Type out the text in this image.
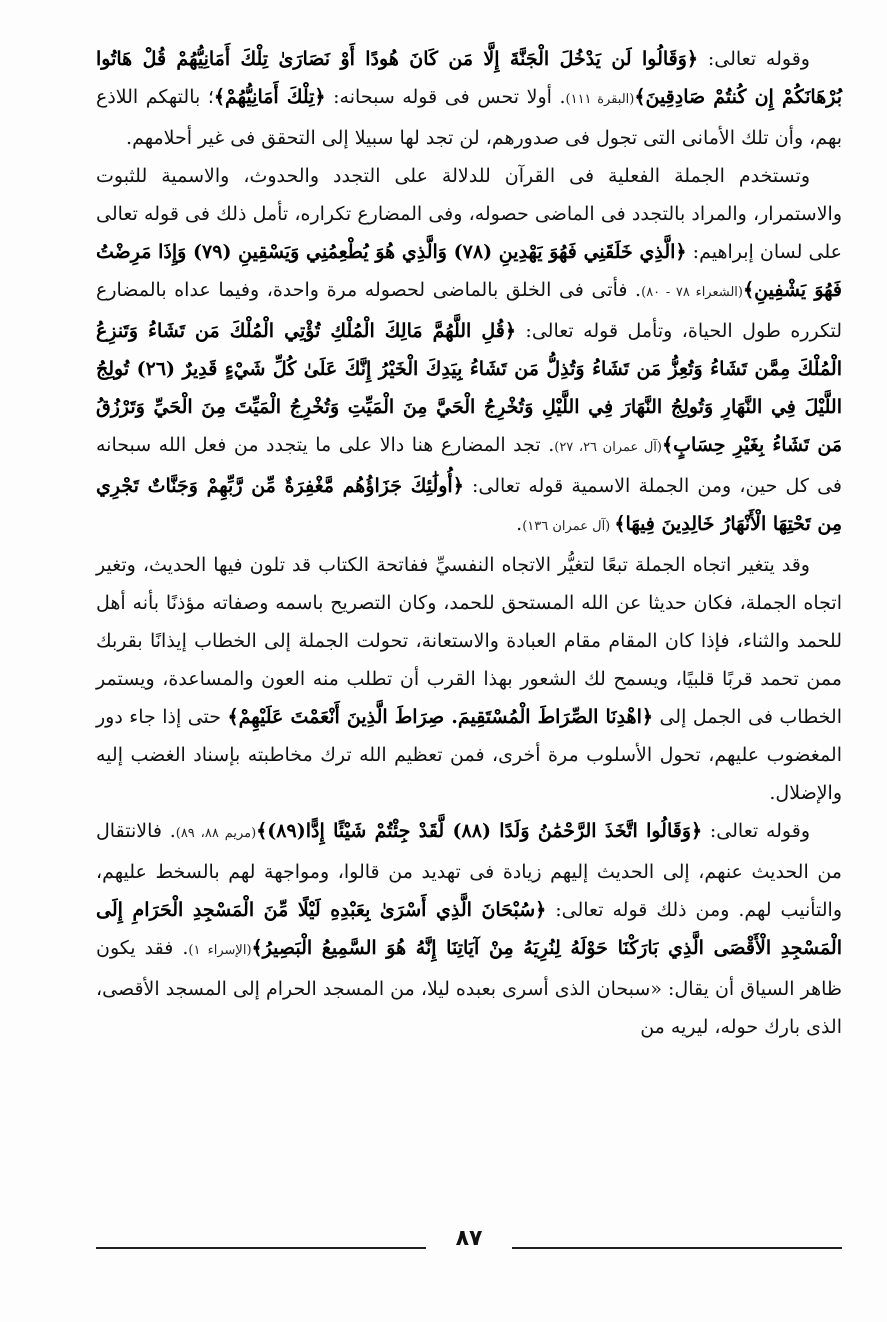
وقوله تعالى: ﴿وَقَالُوا لَن يَدْخُلَ الْجَنَّةَ إِلَّا مَن كَانَ هُودًا أَوْ نَصَارَىٰ تِلْكَ أَمَانِيُّهُمْ قُلْ هَاتُوا بُرْهَانَكُمْ إِن كُنتُمْ صَادِقِينَ﴾(البقرة ١١١). أولا تحس فى قوله سبحانه: ﴿تِلْكَ أَمَانِيُّهُمْ﴾؛ بالتهكم اللاذع بهم، وأن تلك الأمانى التى تجول فى صدورهم، لن تجد لها سبيلا إلى التحقق فى غير أحلامهم.

وتستخدم الجملة الفعلية فى القرآن للدلالة على التجدد والحدوث، والاسمية للثبوت والاستمرار، والمراد بالتجدد فى الماضى حصوله، وفى المضارع تكراره، تأمل ذلك فى قوله تعالى على لسان إبراهيم: ﴿الَّذِي خَلَقَنِي فَهُوَ يَهْدِينِ (٧٨) وَالَّذِي هُوَ يُطْعِمُنِي وَيَسْقِينِ (٧٩) وَإِذَا مَرِضْتُ فَهُوَ يَشْفِينِ﴾(الشعراء ٧٨ - ٨٠). فأتى فى الخلق بالماضى لحصوله مرة واحدة، وفيما عداه بالمضارع لتكرره طول الحياة، وتأمل قوله تعالى: ﴿قُلِ اللَّهُمَّ مَالِكَ الْمُلْكِ تُؤْتِي الْمُلْكَ مَن تَشَاءُ وَتَنزِعُ الْمُلْكَ مِمَّن تَشَاءُ وَتُعِزُّ مَن تَشَاءُ وَتُذِلُّ مَن تَشَاءُ بِيَدِكَ الْخَيْرُ إِنَّكَ عَلَىٰ كُلِّ شَيْءٍ قَدِيرٌ (٢٦) تُولِجُ اللَّيْلَ فِي النَّهَارِ وَتُولِجُ النَّهَارَ فِي اللَّيْلِ وَتُخْرِجُ الْحَيَّ مِنَ الْمَيِّتِ وَتُخْرِجُ الْمَيِّتَ مِنَ الْحَيِّ وَتَرْزُقُ مَن تَشَاءُ بِغَيْرِ حِسَابٍ﴾(آل عمران ٢٦، ٢٧). تجد المضارع هنا دالا على ما يتجدد من فعل الله سبحانه فى كل حين، ومن الجملة الاسمية قوله تعالى: ﴿أُولَٰئِكَ جَزَاؤُهُم مَّغْفِرَةٌ مِّن رَّبِّهِمْ وَجَنَّاتٌ تَجْرِي مِن تَحْتِهَا الْأَنْهَارُ خَالِدِينَ فِيهَا﴾ (آل عمران ١٣٦).

وقد يتغير اتجاه الجملة تبعًا لتغيُّر الاتجاه النفسيِّ ففاتحة الكتاب قد تلون فيها الحديث، وتغير اتجاه الجملة، فكان حديثا عن الله المستحق للحمد، وكان التصريح باسمه وصفاته مؤذنًا بأنه أهل للحمد والثناء، فإذا كان المقام مقام العبادة والاستعانة، تحولت الجملة إلى الخطاب إيذانًا بقربك ممن تحمد قربًا قلبيًا، ويسمح لك الشعور بهذا القرب أن تطلب منه العون والمساعدة، ويستمر الخطاب فى الجمل إلى ﴿اهْدِنَا الصِّرَاطَ الْمُسْتَقِيمَ. صِرَاطَ الَّذِينَ أَنْعَمْتَ عَلَيْهِمْ﴾ حتى إذا جاء دور المغضوب عليهم، تحول الأسلوب مرة أخرى، فمن تعظيم الله ترك مخاطبته بإسناد الغضب إليه والإضلال.

وقوله تعالى: ﴿وَقَالُوا اتَّخَذَ الرَّحْمَٰنُ وَلَدًا (٨٨) لَّقَدْ جِئْتُمْ شَيْئًا إِدًّا(٨٩)﴾(مريم ٨٨، ٨٩). فالانتقال من الحديث عنهم، إلى الحديث إليهم زيادة فى تهديد من قالوا، ومواجهة لهم بالسخط عليهم، والتأنيب لهم. ومن ذلك قوله تعالى: ﴿سُبْحَانَ الَّذِي أَسْرَىٰ بِعَبْدِهِ لَيْلًا مِّنَ الْمَسْجِدِ الْحَرَامِ إِلَى الْمَسْجِدِ الْأَقْصَى الَّذِي بَارَكْنَا حَوْلَهُ لِنُرِيَهُ مِنْ آيَاتِنَا إِنَّهُ هُوَ السَّمِيعُ الْبَصِيرُ﴾(الإسراء ١). فقد يكون ظاهر السياق أن يقال: «سبحان الذى أسرى بعبده ليلا، من المسجد الحرام إلى المسجد الأقصى، الذى بارك حوله، ليريه من

٨٧
